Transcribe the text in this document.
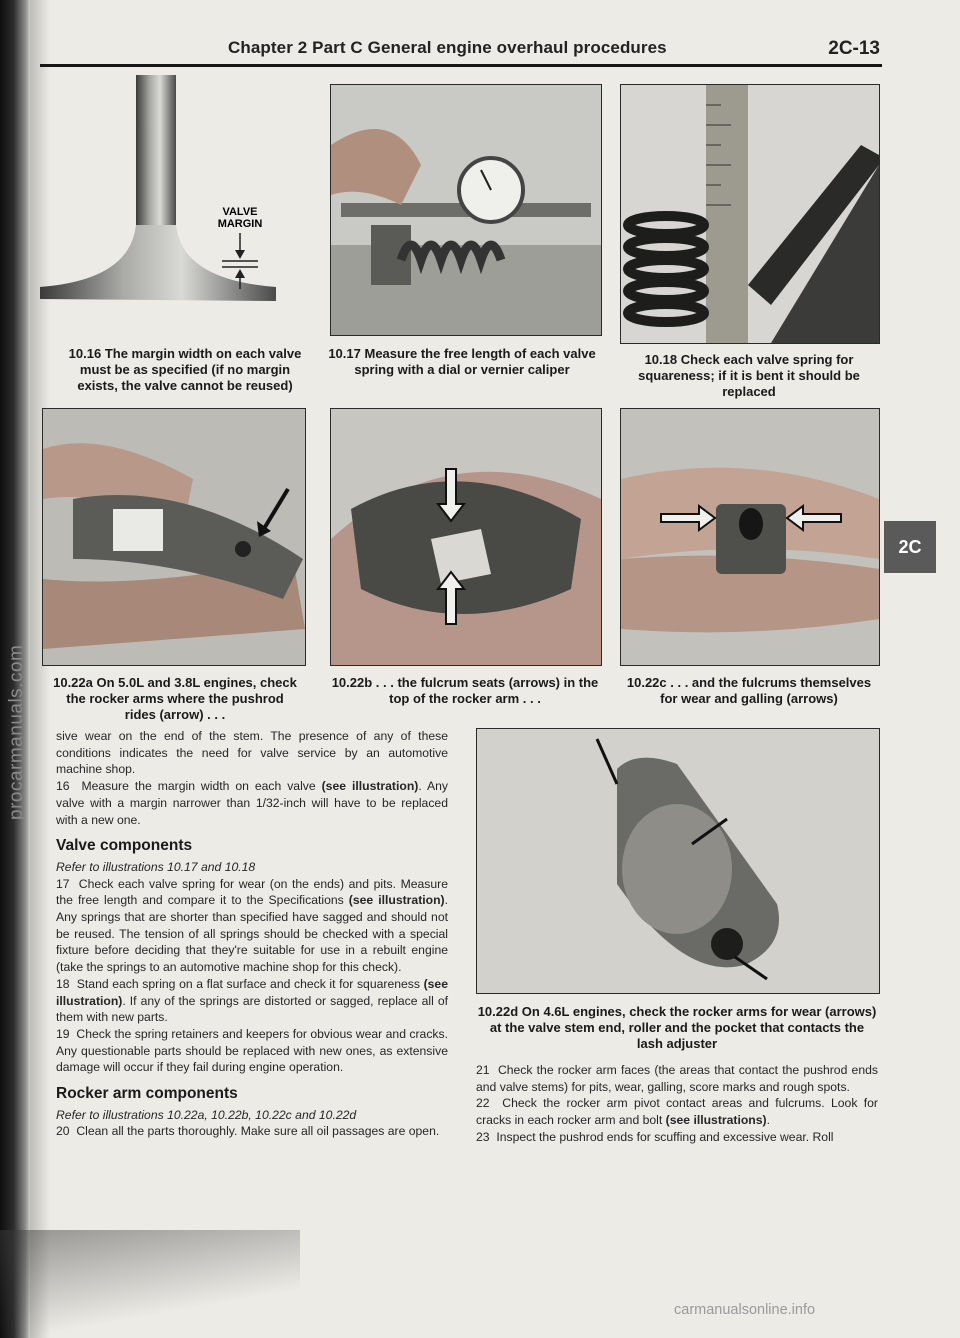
procarmanuals.com
Chapter 2 Part C General engine overhaul procedures	2C-13
2C
VALVE
MARGIN
10.16 The margin width on each valve must be as specified (if no margin exists, the valve cannot be reused)
10.17 Measure the free length of each valve spring with a dial or vernier caliper
10.18 Check each valve spring for squareness; if it is bent it should be replaced
10.22a On 5.0L and 3.8L engines, check the rocker arms where the pushrod rides (arrow) . . .
10.22b . . . the fulcrum seats (arrows) in the top of the rocker arm . . .
10.22c . . . and the fulcrums themselves for wear and galling (arrows)
10.22d On 4.6L engines, check the rocker arms for wear (arrows) at the valve stem end, roller and the pocket that contacts the lash adjuster

sive wear on the end of the stem. The presence of any of these conditions indicates the need for valve service by an automotive machine shop.

16 Measure the margin width on each valve (see illustration). Any valve with a margin narrower than 1/32-inch will have to be replaced with a new one.

Valve components

Refer to illustrations 10.17 and 10.18

17 Check each valve spring for wear (on the ends) and pits. Measure the free length and compare it to the Specifications (see illustration). Any springs that are shorter than specified have sagged and should not be reused. The tension of all springs should be checked with a special fixture before deciding that they're suitable for use in a rebuilt engine (take the springs to an automotive machine shop for this check).

18 Stand each spring on a flat surface and check it for squareness (see illustration). If any of the springs are distorted or sagged, replace all of them with new parts.

19 Check the spring retainers and keepers for obvious wear and cracks. Any questionable parts should be replaced with new ones, as extensive damage will occur if they fail during engine operation.

Rocker arm components

Refer to illustrations 10.22a, 10.22b, 10.22c and 10.22d

20 Clean all the parts thoroughly. Make sure all oil passages are open.

21 Check the rocker arm faces (the areas that contact the pushrod ends and valve stems) for pits, wear, galling, score marks and rough spots.

22 Check the rocker arm pivot contact areas and fulcrums. Look for cracks in each rocker arm and bolt (see illustrations).

23 Inspect the pushrod ends for scuffing and excessive wear. Roll

carmanualsonline.info
